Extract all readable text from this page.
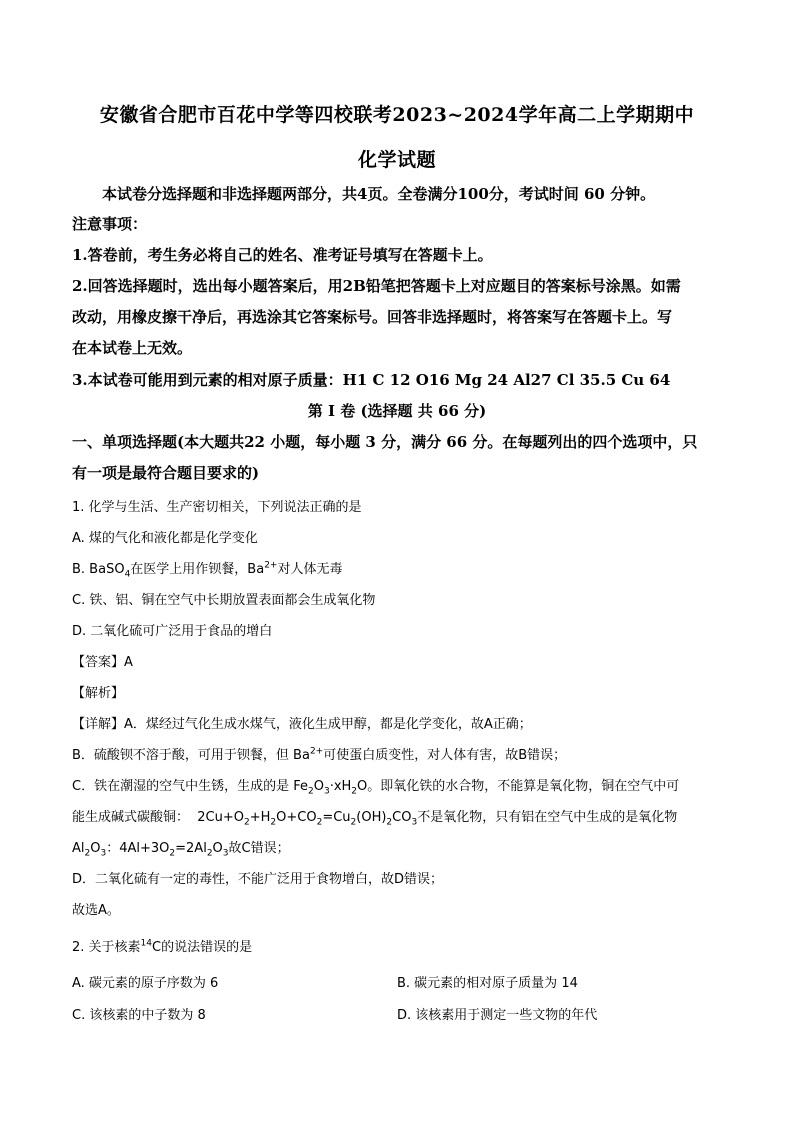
安徽省合肥市百花中学等四校联考2023~2024学年高二上学期期中
化学试题
本试卷分选择题和非选择题两部分，共4页。全卷满分100分，考试时间 60 分钟。
注意事项：
1.答卷前，考生务必将自己的姓名、准考证号填写在答题卡上。
2.回答选择题时，选出每小题答案后，用2B铅笔把答题卡上对应题目的答案标号涂黑。如需
改动，用橡皮擦干净后，再选涂其它答案标号。回答非选择题时，将答案写在答题卡上。写
在本试卷上无效。
3.本试卷可能用到元素的相对原子质量：H1 C 12 O16 Mg 24 Al27 Cl 35.5 Cu 64
第 I 卷 (选择题 共 66 分)
一、单项选择题(本大题共22 小题，每小题 3 分，满分 66 分。在每题列出的四个选项中，只
有一项是最符合题目要求的)
1. 化学与生活、生产密切相关，下列说法正确的是
A. 煤的气化和液化都是化学变化
B. BaSO$_4$在医学上用作钡餐，$Ba^{2+}$对人体无毒
C. 铁、铝、铜在空气中长期放置表面都会生成氧化物
D. 二氧化硫可广泛用于食品的增白
【答案】A
【解析】
【详解】A．煤经过气化生成水煤气，液化生成甲醇，都是化学变化，故A正确；
B．硫酸钡不溶于酸，可用于钡餐，但 $Ba^{2+}$可使蛋白质变性，对人体有害，故B错误；
C．铁在潮湿的空气中生锈，生成的是 $Fe_2O_3\cdot xH_2O$。即氧化铁的水合物，不能算是氧化物，铜在空气中可
能生成碱式碳酸铜：  $2Cu+O_2+H_2O+CO_2=Cu_2(OH)_2CO_3$不是氧化物，只有铝在空气中生成的是氧化物
$Al_2O_3$：$4Al+3O_2=2Al_2O_3$故C错误；
D．二氧化硫有一定的毒性，不能广泛用于食物增白，故D错误；
故选A。
2. 关于核素$^{14}$C的说法错误的是
A. 碳元素的原子序数为 6	B. 碳元素的相对原子质量为 14
C. 该核素的中子数为 8	D. 该核素用于测定一些文物的年代
